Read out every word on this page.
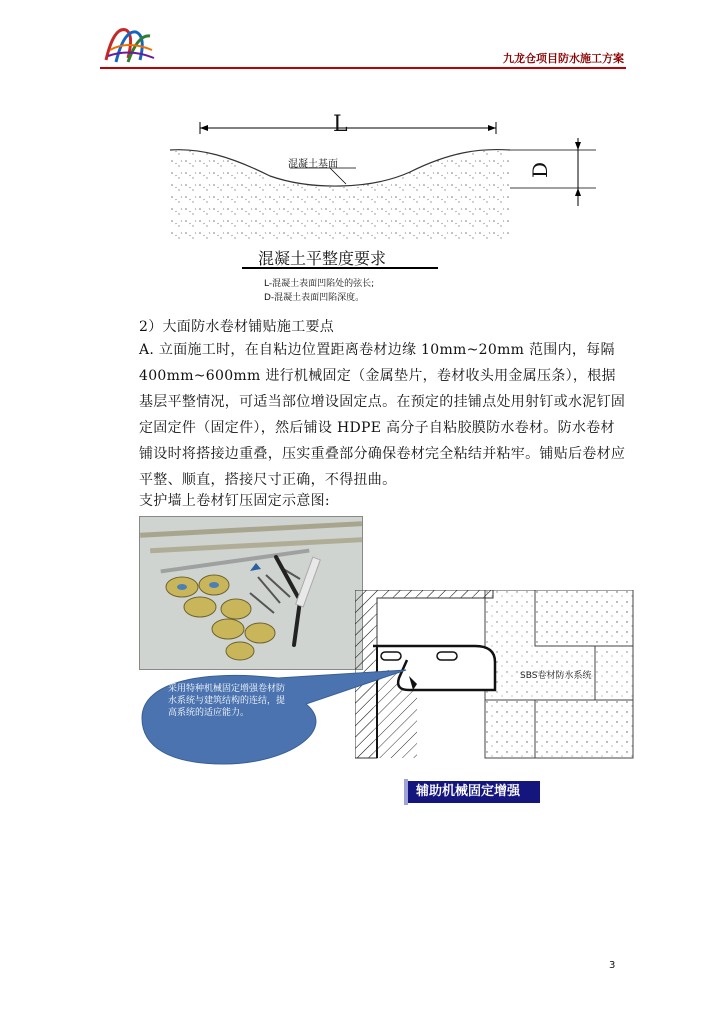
九龙仓项目防水施工方案
L
D
混凝土基面
混凝土平整度要求
L-混凝土表面凹陷处的弦长;
D-混凝土表面凹陷深度。
2）大面防水卷材铺贴施工要点
A. 立面施工时，在自粘边位置距离卷材边缘 10mm~20mm 范围内，每隔 400mm~600mm 进行机械固定（金属垫片，卷材收头用金属压条），根据基层平整情况，可适当部位增设固定点。在预定的挂铺点处用射钉或水泥钉固定固定件（固定件），然后铺设 HDPE 高分子自粘胶膜防水卷材。防水卷材铺设时将搭接边重叠，压实重叠部分确保卷材完全粘结并粘牢。铺贴后卷材应平整、顺直，搭接尺寸正确，不得扭曲。
支护墙上卷材钉压固定示意图:
SBS卷材防水系统
采用特种机械固定增强卷材防水系统与建筑结构的连结，提高系统的适应能力。
辅助机械固定增强
3
